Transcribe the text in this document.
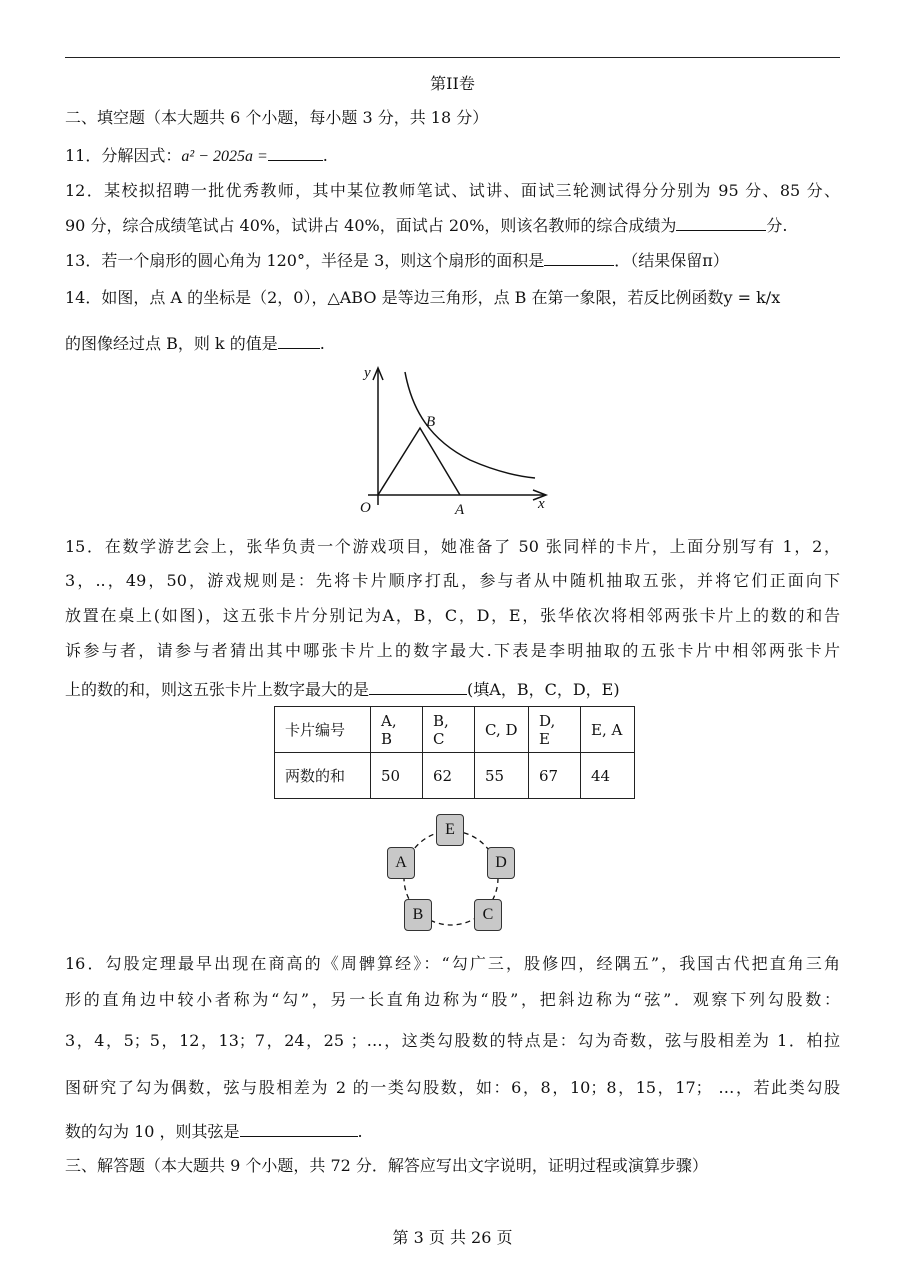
第II卷
二、填空题（本大题共 6 个小题，每小题 3 分，共 18 分）
11．分解因式：a² − 2025a =	.
12．某校拟招聘一批优秀教师，其中某位教师笔试、试讲、面试三轮测试得分分别为 95 分、85 分、
90 分，综合成绩笔试占 40%，试讲占 40%，面试占 20%，则该名教师的综合成绩为	分.
13．若一个扇形的圆心角为 120°，半径是 3，则这个扇形的面积是	．（结果保留π）
14．如图，点 A 的坐标是（2，0），△ABO 是等边三角形，点 B 在第一象限，若反比例函数y = k/x
的图像经过点 B，则 k 的值是	.
y
x
O	A
B
15．在数学游艺会上，张华负责一个游戏项目，她准备了 50 张同样的卡片，上面分别写有 1，2，
3，..，49，50，游戏规则是：先将卡片顺序打乱，参与者从中随机抽取五张，并将它们正面向下
放置在桌上(如图)，这五张卡片分别记为A，B，C，D，E，张华依次将相邻两张卡片上的数的和告
诉参与者，请参与者猜出其中哪张卡片上的数字最大.下表是李明抽取的五张卡片中相邻两张卡片
上的数的和，则这五张卡片上数字最大的是	(填A，B，C，D，E)
卡片编号	A, B	B, C	C, D	D, E	E, A
两数的和	50	62	55	67	44
E
A	D
B	C
16．勾股定理最早出现在商高的《周髀算经》：“勾广三，股修四，经隅五”，我国古代把直角三角
形的直角边中较小者称为“勾”，另一长直角边称为“股”，把斜边称为“弦”．观察下列勾股数：
3，4，5；5，12，13；7，24，25 ；…，这类勾股数的特点是：勾为奇数，弦与股相差为 1．柏拉
图研究了勾为偶数，弦与股相差为 2 的一类勾股数，如：6，8，10；8，15，17； …，若此类勾股
数的勾为 10 ，则其弦是	.
三、解答题（本大题共 9 个小题，共 72 分．解答应写出文字说明，证明过程或演算步骤）
第 3 页 共 26 页
